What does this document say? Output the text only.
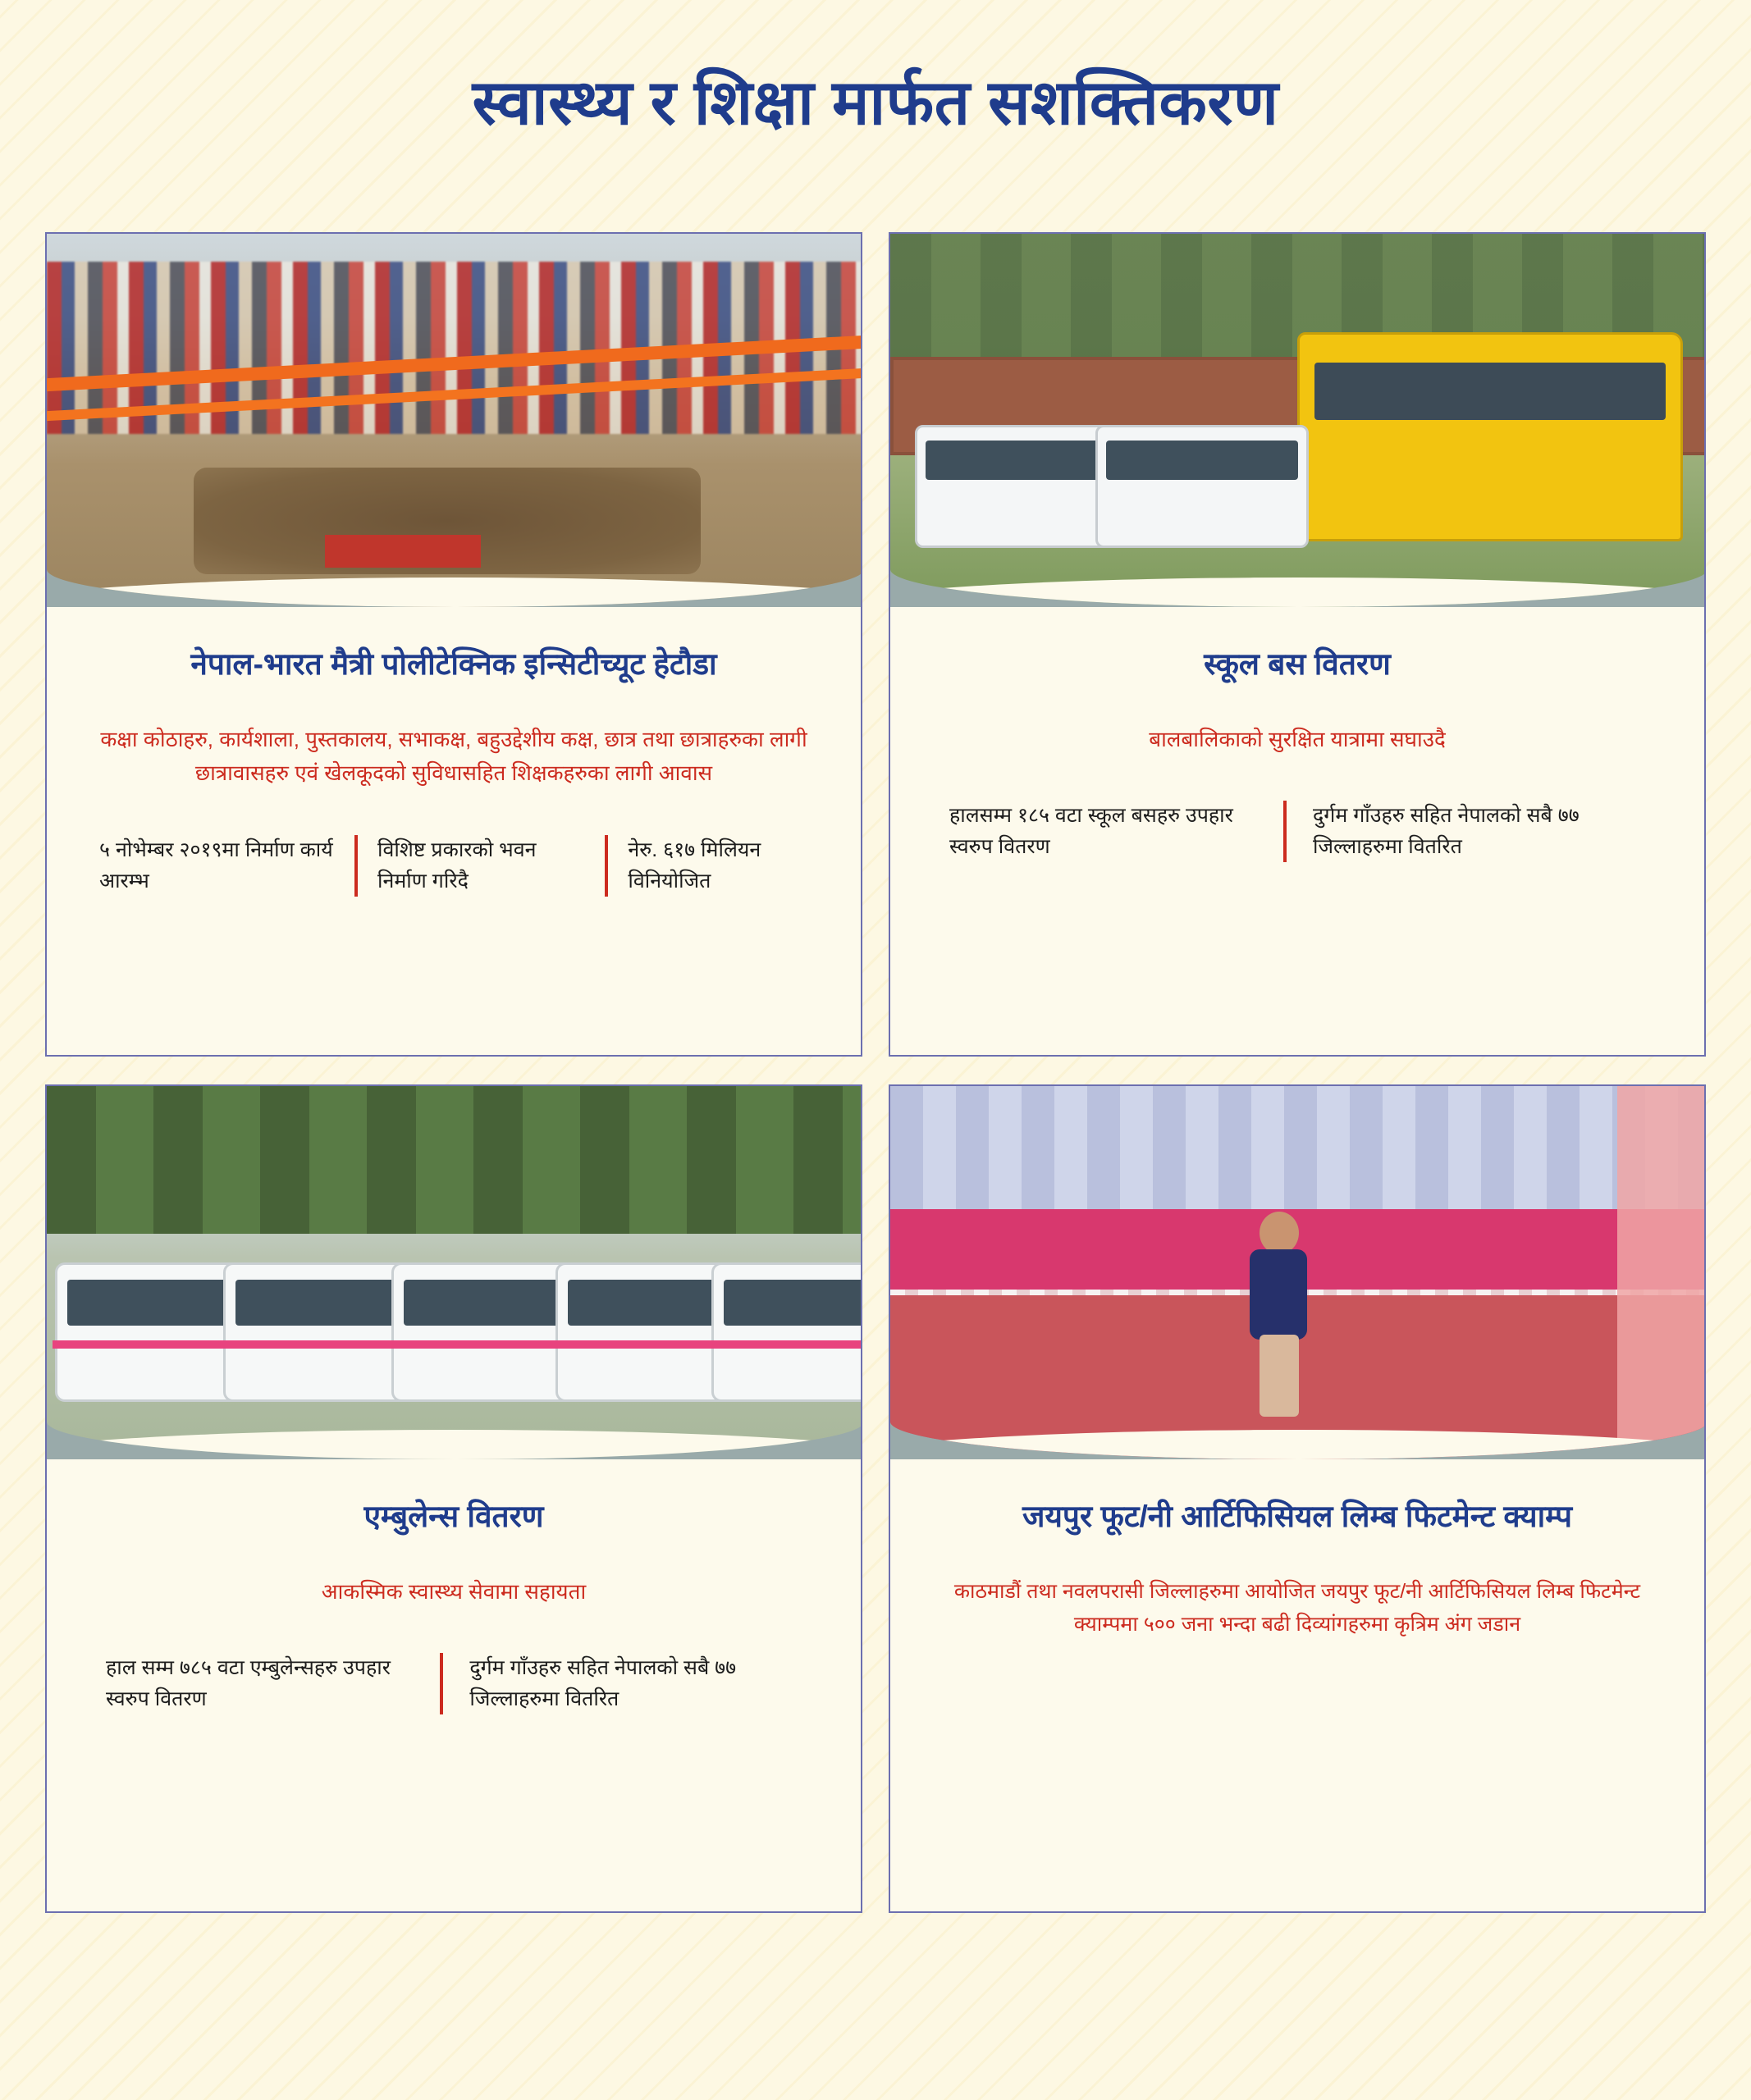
स्वास्थ्य र शिक्षा मार्फत सशक्तिकरण
नेपाल-भारत मैत्री पोलीटेक्निक इन्सिटीच्यूट हेटौडा
कक्षा कोठाहरु, कार्यशाला, पुस्तकालय, सभाकक्ष, बहुउद्देशीय कक्ष, छात्र तथा छात्राहरुका लागी छात्रावासहरु एवं खेलकूदको सुविधासहित शिक्षकहरुका लागी आवास
५ नोभेम्बर २०१९मा निर्माण कार्य आरम्भ
विशिष्ट प्रकारको भवन निर्माण गरिदै
नेरु. ६१७ मिलियन विनियोजित
स्कूल बस वितरण
बालबालिकाको सुरक्षित यात्रामा सघाउदै
हालसम्म १८५ वटा स्कूल बसहरु उपहार स्वरुप वितरण
दुर्गम गाँउहरु सहित नेपालको सबै ७७ जिल्लाहरुमा वितरित
एम्बुलेन्स वितरण
आकस्मिक स्वास्थ्य सेवामा सहायता
हाल सम्म ७८५ वटा एम्बुलेन्सहरु उपहार स्वरुप वितरण
दुर्गम गाँउहरु सहित नेपालको सबै ७७ जिल्लाहरुमा वितरित
जयपुर फूट/नी आर्टिफिसियल लिम्ब फिटमेन्ट क्याम्प
काठमाडौं तथा नवलपरासी जिल्लाहरुमा आयोजित जयपुर फूट/नी आर्टिफिसियल लिम्ब फिटमेन्ट क्याम्पमा ५०० जना भन्दा बढी दिव्यांगहरुमा कृत्रिम अंग जडान
